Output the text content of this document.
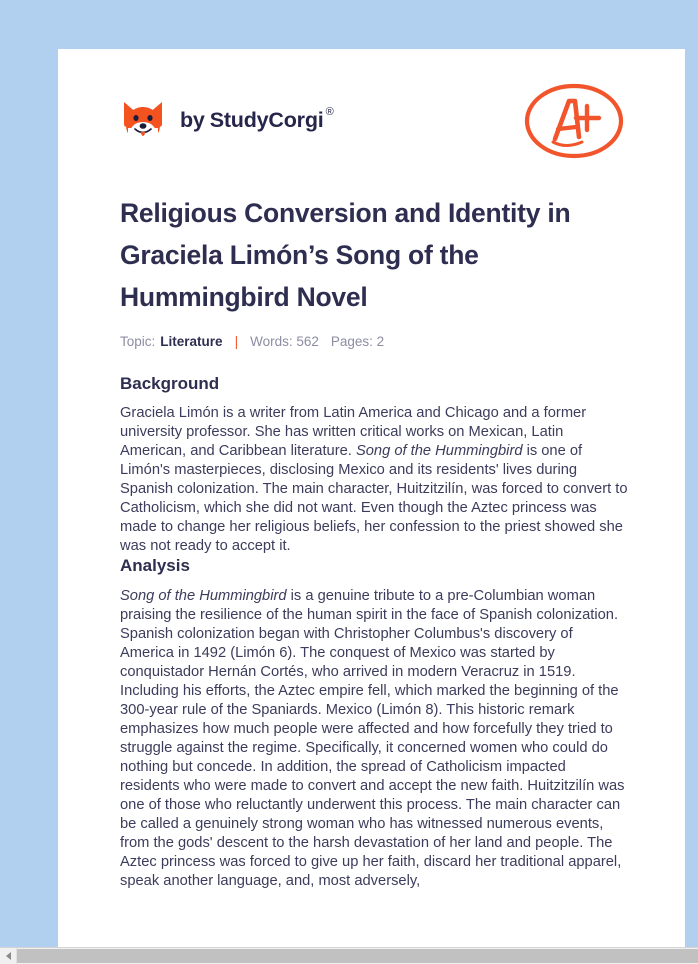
by StudyCorgi ®
Religious Conversion and Identity in Graciela Limón’s Song of the Hummingbird Novel
Topic: Literature | Words: 562 Pages: 2
Background

Graciela Limón is a writer from Latin America and Chicago and a former university professor. She has written critical works on Mexican, Latin American, and Caribbean literature. Song of the Hummingbird is one of Limón's masterpieces, disclosing Mexico and its residents' lives during Spanish colonization. The main character, Huitzitzilín, was forced to convert to Catholicism, which she did not want. Even though the Aztec princess was made to change her religious beliefs, her confession to the priest showed she was not ready to accept it.

Analysis

Song of the Hummingbird is a genuine tribute to a pre-Columbian woman praising the resilience of the human spirit in the face of Spanish colonization. Spanish colonization began with Christopher Columbus's discovery of America in 1492 (Limón 6). The conquest of Mexico was started by conquistador Hernán Cortés, who arrived in modern Veracruz in 1519. Including his efforts, the Aztec empire fell, which marked the beginning of the 300-year rule of the Spaniards. Mexico (Limón 8). This historic remark emphasizes how much people were affected and how forcefully they tried to struggle against the regime. Specifically, it concerned women who could do nothing but concede. In addition, the spread of Catholicism impacted residents who were made to convert and accept the new faith. Huitzitzilín was one of those who reluctantly underwent this process. The main character can be called a genuinely strong woman who has witnessed numerous events, from the gods' descent to the harsh devastation of her land and people. The Aztec princess was forced to give up her faith, discard her traditional apparel, speak another language, and, most adversely,
